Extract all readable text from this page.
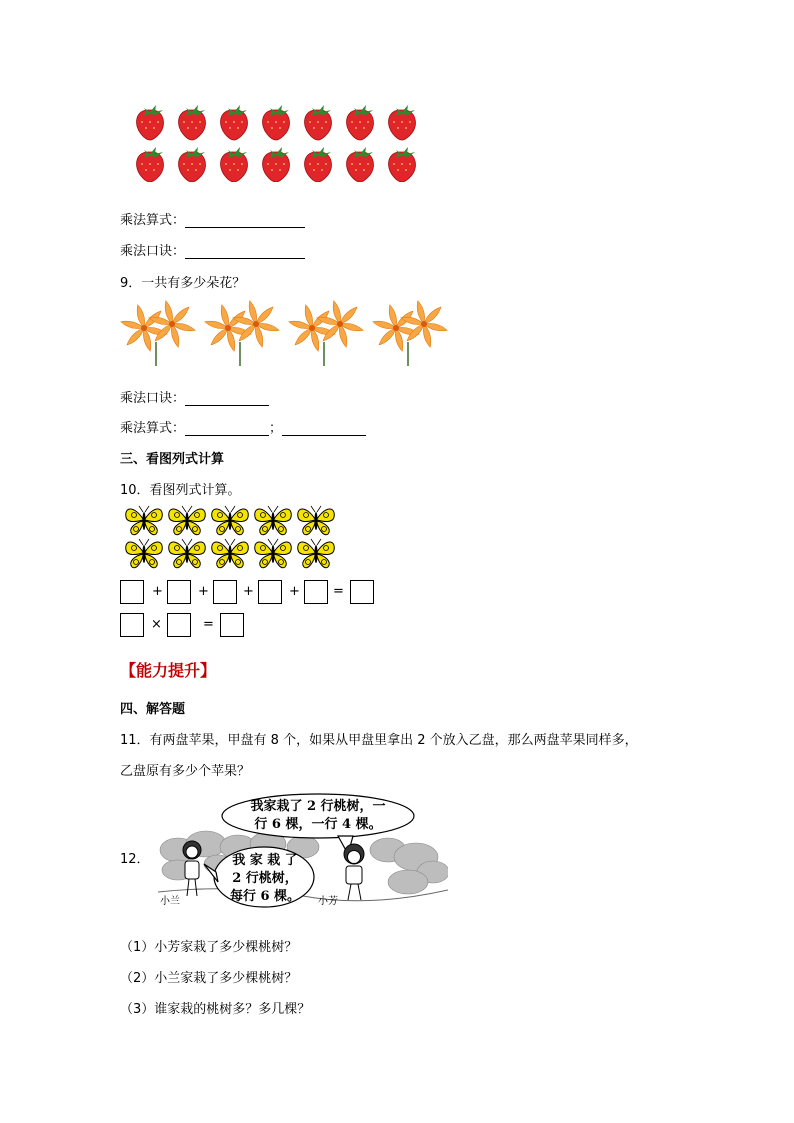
乘法算式：
乘法口诀：
9．一共有多少朵花？
乘法口诀：
乘法算式：	；
三、看图列式计算
10．看图列式计算。
+	+	+	+	=
×	=
【能力提升】
四、解答题
11．有两盘苹果，甲盘有 8 个，如果从甲盘里拿出 2 个放入乙盘，那么两盘苹果同样多，
乙盘原有多少个苹果？
12．
我家栽了 2 行桃树，一
行 6 棵，一行 4 棵。
我 家 栽 了
2 行桃树，
每行 6 棵。
小兰	小芳
（1）小芳家栽了多少棵桃树？
（2）小兰家栽了多少棵桃树？
（3）谁家栽的桃树多？多几棵？
